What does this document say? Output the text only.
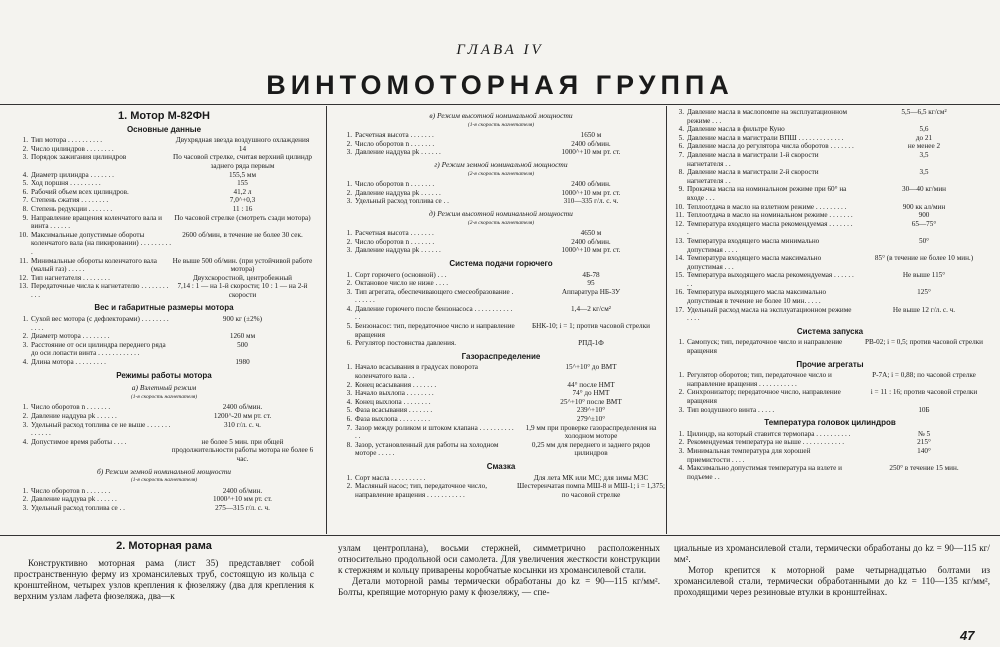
ГЛАВА IV
ВИНТОМОТОРНАЯ ГРУППА
1. Мотор М-82ФН
Основные данные
1. Тип мотора . . . . . . . . . .	Двухрядная звезда воздушного охлаждения
2. Число цилиндров . . . . . . . .	14
3. Порядок зажигания цилиндров	По часовой стрелке, считая верхний цилиндр заднего ряда первым
4. Диаметр цилиндра . . . . . . .	155,5 мм
5. Ход поршня . . . . . . . . .	155
6. Рабочий объем всех цилиндров.	41,2 л
7. Степень сжатия . . . . . . . .	7,0^+0,3
8. Степень редукции . . . . . . .	11 : 16
9. Направление вращения коленчатого вала и винта . . . . . .
По часовой стрелке (смотреть сзади мотора)
10. Максимальные допустимые обороты коленчатого вала (на пикировании) . . . . . . . . . .
2600 об/мин, в течение не более 30 сек.
11. Минимальные обороты коленчатого вала (малый газ) . . . . .
Не выше 500 об/мин. (при устойчивой работе мотора)
12. Тип нагнетателя . . . . . . . .	Двухскоростной, центробежный
13. Передаточные числа к нагнетателю . . . . . . . . . . .
7,14 : 1 — на 1-й скорости; 10 : 1 — на 2-й скорости
Вес и габаритные размеры мотора
1. Сухой вес мотора (с дефлекторами) . . . . . . . . . . . .
900 кг (±2%)
2. Диаметр мотора . . . . . . . .	1260 мм
3. Расстояние от оси цилиндра переднего ряда до оси лопасти винта . . . . . . . . . . . .
500
4. Длина мотора . . . . . . . . .	1980
Режимы работы мотора
а) Взлетный режим
(1-я скорость нагнетателя)
1. Число оборотов n . . . . . . .	2400 об/мин.
2. Давление наддува pk . . . . . .	1200^-20 мм рт. ст.
3. Удельный расход топлива ce не выше . . . . . . . . . . . . .
310 г/л. с. ч.
4. Допустимое время работы . . . .	не более 5 мин. при общей продолжительности работы мотора не более 6 час.
б) Режим земной номинальной мощности
(1-я скорость нагнетателя)
1. Число оборотов n . . . . . . .	2400 об/мин.
2. Давление наддува pk . . . . . .	1000^+10 мм рт. ст.
3. Удельный расход топлива ce . .	275—315 г/л. с. ч.
в) Режим высотной номинальной мощности
(1-я скорость нагнетателя)
1. Расчетная высота . . . . . . .	1650 м
2. Число оборотов n . . . . . . .	2400 об/мин.
3. Давление наддува pk . . . . . .	1000^+10 мм рт. ст.
г) Режим земной номинальной мощности
(2-я скорость нагнетателя)
1. Число оборотов n . . . . . . .	2400 об/мин.
2. Давление наддува pk . . . . . .	1000^+10 мм рт. ст.
3. Удельный расход топлива ce . .	310—335 г/л. с. ч.
д) Режим высотной номинальной мощности
(2-я скорость нагнетателя)
1. Расчетная высота . . . . . . .	4650 м
2. Число оборотов n . . . . . . .	2400 об/мин.
3. Давление наддува pk . . . . . .	1000^+10 мм рт. ст.
Система подачи горючего
1. Сорт горючего (основной) . . .	4Б-78
2. Октановое число не ниже . . . .	95
3. Тип агрегата, обеспечивающего смесеобразование . . . . . . .
Аппаратура НБ-3У
4. Давление горючего после бензонасоса . . . . . . . . . . . . .
1,4—2 кг/см²
5. Бензонасос: тип, передаточное число и направление вращения
БНК-10; i = 1; против часовой стрелки
6. Регулятор постоянства давления.	РПД-1Ф
Газораспределение
1. Начало всасывания в градусах поворота коленчатого вала . .
15^+10° до ВМТ
2. Конец всасывания . . . . . . .	44° после НМТ
3. Начало выхлопа . . . . . . . .	74° до НМТ
4. Конец выхлопа . . . . . . . .	25^+10° после ВМТ
5. Фаза всасывания . . . . . . .	239^+10°
6. Фаза выхлопа . . . . . . . . .	279^±10°
7. Зазор между роликом и штоком клапана . . . . . . . . . . . .
1,9 мм при проверке газораспределения на холодном моторе
8. Зазор, установленный для работы на холодном моторе . . . . .
0,25 мм для переднего и заднего рядов цилиндров
Смазка
1. Сорт масла . . . . . . . . . .	Для лета МК или МС; для зимы МЗС
2. Масляный насос; тип, передаточное число, направление вращения . . . . . . . . . . .
Шестеренчатая помпа МШ-8 и МШ-1; i = 1,375; по часовой стрелке
3. Давление масла в маслопомпе на эксплуатационном режиме . . .
5,5—6,5 кг/см²
4. Давление масла в фильтре Куно	5,6
5. Давление масла в магистрали ВПШ . . . . . . . . . . . . .	до 21
6. Давление масла до регулятора числа оборотов . . . . . . .	не менее 2
7. Давление масла в магистрали 1-й скорости нагнетателя . .
3,5
8. Давление масла в магистрали 2-й скорости нагнетателя . .
3,5
9. Прокачка масла на номинальном режиме при 60° на входе . . .
30—40 кг/мин
10. Теплоотдача в масло на взлетном режиме . . . . . . . . .	900 кк ал/мин
11. Теплоотдача в масло на номинальном режиме . . . . . . .	900
12. Температура входящего масла рекомендуемая . . . . . . . .
65—75°
13. Температура входящего масла минимально допустимая . . . .
50°
14. Температура входящего масла максимально допустимая . . .
85° (в течение не более 10 мин.)
15. Температура выходящего масла рекомендуемая . . . . . . . .
Не выше 115°
16. Температура выходящего масла максимально допустимая в течение не более 10 мин. . . . .
125°
17. Удельный расход масла на эксплуатационном режиме . . . .
Не выше 12 г/л. с. ч.
Система запуска
1. Самопуск; тип, передаточное число и направление вращения
РВ-02; i = 0,5; против часовой стрелки
Прочие агрегаты
1. Регулятор оборотов; тип, передаточное число и направление вращения . . . . . . . . . . .
Р-7А; i = 0,88; по часовой стрелке
2. Синхронизатор; передаточное число, направление вращения
i = 11 : 16; против часовой стрелки
3. Тип воздушного винта . . . . .	10Б
Температура головок цилиндров
1. Цилиндр, на который ставится термопара . . . . . . . . . .	№ 5
2. Рекомендуемая температура не выше . . . . . . . . . . . .	215°
3. Минимальная температура для хорошей приемистости . . . .
140°
4. Максимально допустимая температура на взлете и подъеме . .
250° в течение 15 мин.
2. Моторная рама

Конструктивно моторная рама (лист 35) представляет собой пространственную ферму из хромансилевых труб, состоящую из кольца с кронштейном, четырех узлов крепления к фюзеляжу (два для крепления к верхним узлам лафета фюзеляжа, два—к

узлам центроплана), восьми стержней, симметрично расположенных относительно продольной оси самолета. Для увеличения жесткости конструкции к стержням и кольцу приварены коробчатые косынки из хромансилевой стали.

Детали моторной рамы термически обработаны до kz = 90—115 кг/мм². Болты, крепящие моторную раму к фюзеляжу, — спе-

циальные из хромансилевой стали, термически обработаны до kz = 90—115 кг/мм².

Мотор крепится к моторной раме четырнадцатью болтами из хромансилевой стали, термически обработанными до kz = 110—135 кг/мм², проходящими через резиновые втулки в кронштейнах.

47
